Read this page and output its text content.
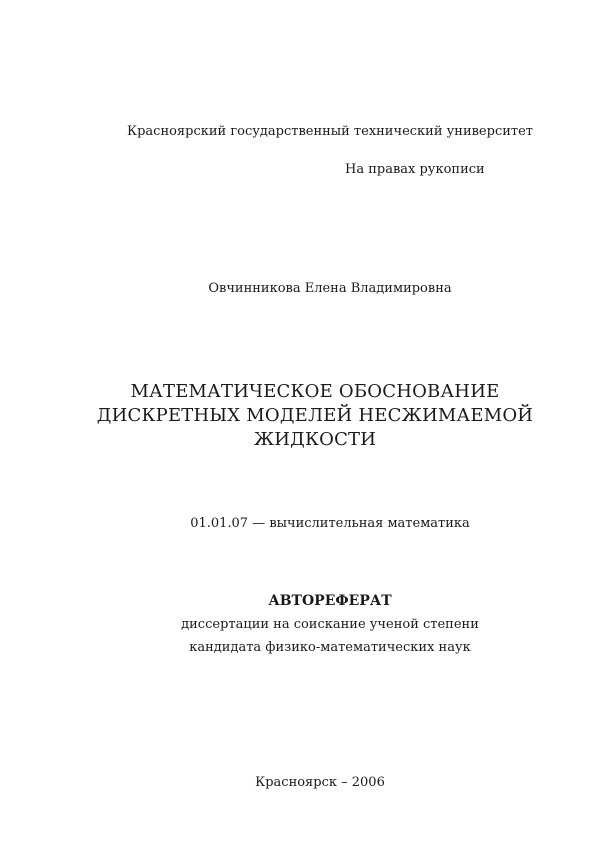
Красноярский государственный технический университет
На правах рукописи
Овчинникова Елена Владимировна
МАТЕМАТИЧЕСКОЕ ОБОСНОВАНИЕ
ДИСКРЕТНЫХ МОДЕЛЕЙ НЕСЖИМАЕМОЙ
ЖИДКОСТИ
01.01.07 — вычислительная математика
АВТОРЕФЕРАТ
диссертации на соискание ученой степени
кандидата физико-математических наук
Красноярск – 2006
